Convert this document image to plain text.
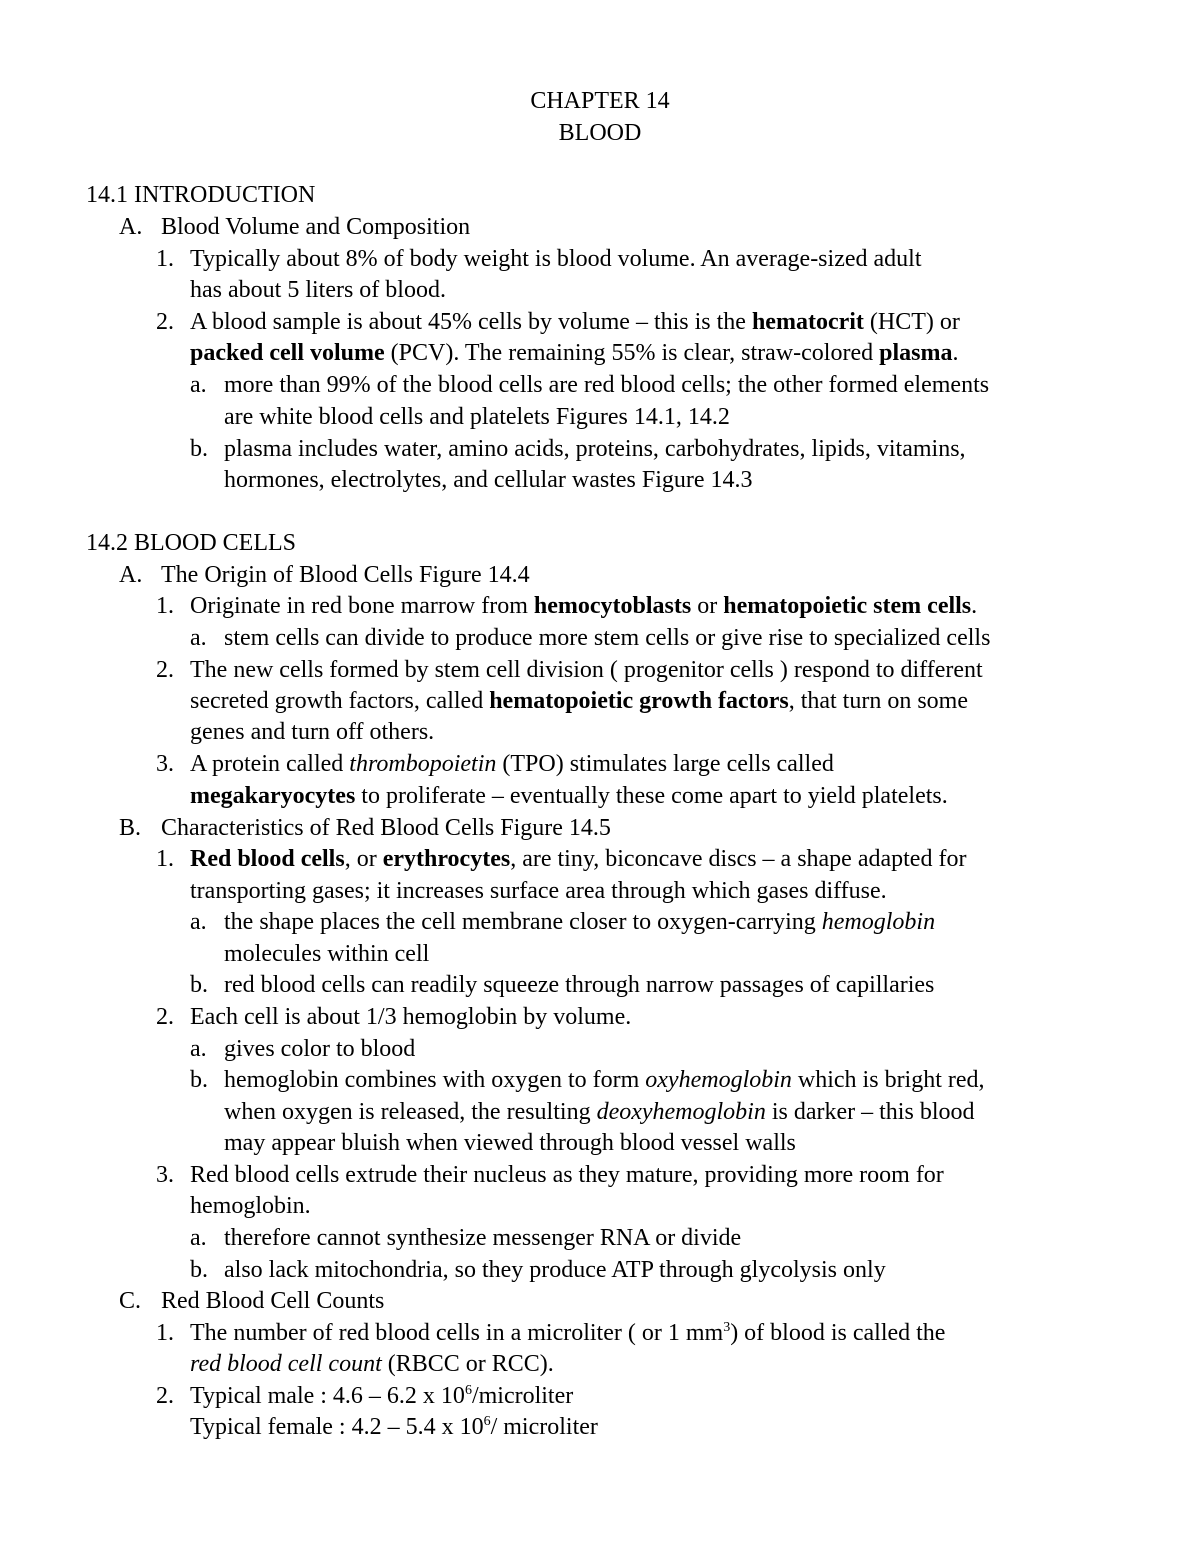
CHAPTER 14
BLOOD
14.1 INTRODUCTION
A. Blood Volume and Composition
1. Typically about 8% of body weight is blood volume. An average-sized adult
has about 5 liters of blood.
2. A blood sample is about 45% cells by volume – this is the hematocrit (HCT) or
packed cell volume (PCV). The remaining 55% is clear, straw-colored plasma.
a. more than 99% of the blood cells are red blood cells; the other formed elements
are white blood cells and platelets Figures 14.1, 14.2
b. plasma includes water, amino acids, proteins, carbohydrates, lipids, vitamins,
hormones, electrolytes, and cellular wastes Figure 14.3
14.2 BLOOD CELLS
A. The Origin of Blood Cells Figure 14.4
1. Originate in red bone marrow from hemocytoblasts or hematopoietic stem cells.
a. stem cells can divide to produce more stem cells or give rise to specialized cells
2. The new cells formed by stem cell division ( progenitor cells ) respond to different
secreted growth factors, called hematopoietic growth factors, that turn on some
genes and turn off others.
3. A protein called thrombopoietin (TPO) stimulates large cells called
megakaryocytes to proliferate – eventually these come apart to yield platelets.
B. Characteristics of Red Blood Cells Figure 14.5
1. Red blood cells, or erythrocytes, are tiny, biconcave discs – a shape adapted for
transporting gases; it increases surface area through which gases diffuse.
a. the shape places the cell membrane closer to oxygen-carrying hemoglobin
molecules within cell
b. red blood cells can readily squeeze through narrow passages of capillaries
2. Each cell is about 1/3 hemoglobin by volume.
a. gives color to blood
b. hemoglobin combines with oxygen to form oxyhemoglobin which is bright red,
when oxygen is released, the resulting deoxyhemoglobin is darker – this blood
may appear bluish when viewed through blood vessel walls
3. Red blood cells extrude their nucleus as they mature, providing more room for
hemoglobin.
a. therefore cannot synthesize messenger RNA or divide
b. also lack mitochondria, so they produce ATP through glycolysis only
C. Red Blood Cell Counts
1. The number of red blood cells in a microliter ( or 1 $mm^3$) of blood is called the
red blood cell count (RBCC or RCC).
2. Typical male : 4.6 – 6.2 x $10^6$/microliter
Typical female : 4.2 – 5.4 x $10^6/$ microliter
